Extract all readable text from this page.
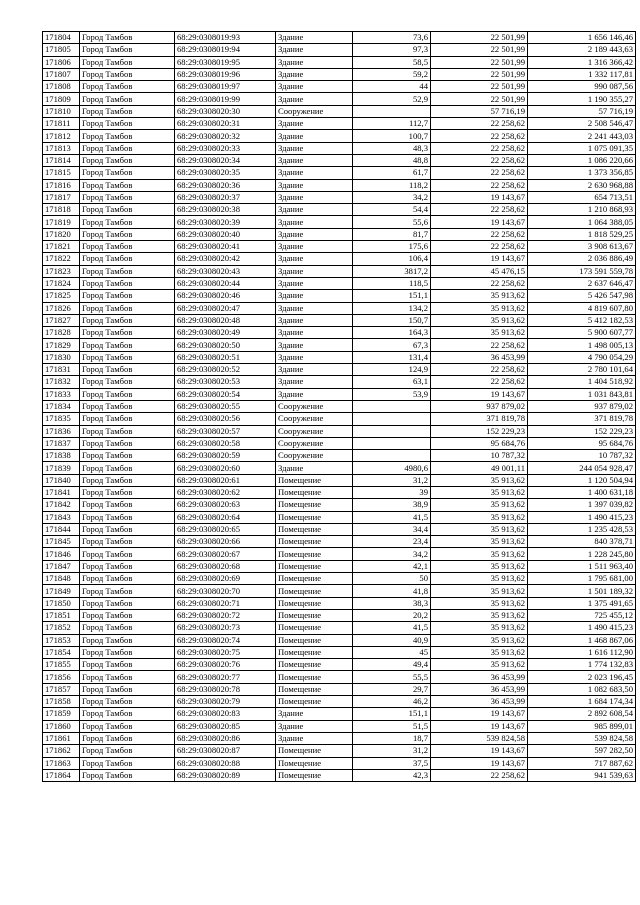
171804	Город Тамбов	68:29:0308019:93	Здание	73,6	22 501,99	1 656 146,46
171805	Город Тамбов	68:29:0308019:94	Здание	97,3	22 501,99	2 189 443,63
171806	Город Тамбов	68:29:0308019:95	Здание	58,5	22 501,99	1 316 366,42
171807	Город Тамбов	68:29:0308019:96	Здание	59,2	22 501,99	1 332 117,81
171808	Город Тамбов	68:29:0308019:97	Здание	44	22 501,99	990 087,56
171809	Город Тамбов	68:29:0308019:99	Здание	52,9	22 501,99	1 190 355,27
171810	Город Тамбов	68:29:0308020:30	Сооружение		57 716,19	57 716,19
171811	Город Тамбов	68:29:0308020:31	Здание	112,7	22 258,62	2 508 546,47
171812	Город Тамбов	68:29:0308020:32	Здание	100,7	22 258,62	2 241 443,03
171813	Город Тамбов	68:29:0308020:33	Здание	48,3	22 258,62	1 075 091,35
171814	Город Тамбов	68:29:0308020:34	Здание	48,8	22 258,62	1 086 220,66
171815	Город Тамбов	68:29:0308020:35	Здание	61,7	22 258,62	1 373 356,85
171816	Город Тамбов	68:29:0308020:36	Здание	118,2	22 258,62	2 630 968,88
171817	Город Тамбов	68:29:0308020:37	Здание	34,2	19 143,67	654 713,51
171818	Город Тамбов	68:29:0308020:38	Здание	54,4	22 258,62	1 210 868,93
171819	Город Тамбов	68:29:0308020:39	Здание	55,6	19 143,67	1 064 388,05
171820	Город Тамбов	68:29:0308020:40	Здание	81,7	22 258,62	1 818 529,25
171821	Город Тамбов	68:29:0308020:41	Здание	175,6	22 258,62	3 908 613,67
171822	Город Тамбов	68:29:0308020:42	Здание	106,4	19 143,67	2 036 886,49
171823	Город Тамбов	68:29:0308020:43	Здание	3817,2	45 476,15	173 591 559,78
171824	Город Тамбов	68:29:0308020:44	Здание	118,5	22 258,62	2 637 646,47
171825	Город Тамбов	68:29:0308020:46	Здание	151,1	35 913,62	5 426 547,98
171826	Город Тамбов	68:29:0308020:47	Здание	134,2	35 913,62	4 819 607,80
171827	Город Тамбов	68:29:0308020:48	Здание	150,7	35 913,62	5 412 182,53
171828	Город Тамбов	68:29:0308020:49	Здание	164,3	35 913,62	5 900 607,77
171829	Город Тамбов	68:29:0308020:50	Здание	67,3	22 258,62	1 498 005,13
171830	Город Тамбов	68:29:0308020:51	Здание	131,4	36 453,99	4 790 054,29
171831	Город Тамбов	68:29:0308020:52	Здание	124,9	22 258,62	2 780 101,64
171832	Город Тамбов	68:29:0308020:53	Здание	63,1	22 258,62	1 404 518,92
171833	Город Тамбов	68:29:0308020:54	Здание	53,9	19 143,67	1 031 843,81
171834	Город Тамбов	68:29:0308020:55	Сооружение		937 879,02	937 879,02
171835	Город Тамбов	68:29:0308020:56	Сооружение		371 819,78	371 819,78
171836	Город Тамбов	68:29:0308020:57	Сооружение		152 229,23	152 229,23
171837	Город Тамбов	68:29:0308020:58	Сооружение		95 684,76	95 684,76
171838	Город Тамбов	68:29:0308020:59	Сооружение		10 787,32	10 787,32
171839	Город Тамбов	68:29:0308020:60	Здание	4980,6	49 001,11	244 054 928,47
171840	Город Тамбов	68:29:0308020:61	Помещение	31,2	35 913,62	1 120 504,94
171841	Город Тамбов	68:29:0308020:62	Помещение	39	35 913,62	1 400 631,18
171842	Город Тамбов	68:29:0308020:63	Помещение	38,9	35 913,62	1 397 039,82
171843	Город Тамбов	68:29:0308020:64	Помещение	41,5	35 913,62	1 490 415,23
171844	Город Тамбов	68:29:0308020:65	Помещение	34,4	35 913,62	1 235 428,53
171845	Город Тамбов	68:29:0308020:66	Помещение	23,4	35 913,62	840 378,71
171846	Город Тамбов	68:29:0308020:67	Помещение	34,2	35 913,62	1 228 245,80
171847	Город Тамбов	68:29:0308020:68	Помещение	42,1	35 913,62	1 511 963,40
171848	Город Тамбов	68:29:0308020:69	Помещение	50	35 913,62	1 795 681,00
171849	Город Тамбов	68:29:0308020:70	Помещение	41,8	35 913,62	1 501 189,32
171850	Город Тамбов	68:29:0308020:71	Помещение	38,3	35 913,62	1 375 491,65
171851	Город Тамбов	68:29:0308020:72	Помещение	20,2	35 913,62	725 455,12
171852	Город Тамбов	68:29:0308020:73	Помещение	41,5	35 913,62	1 490 415,23
171853	Город Тамбов	68:29:0308020:74	Помещение	40,9	35 913,62	1 468 867,06
171854	Город Тамбов	68:29:0308020:75	Помещение	45	35 913,62	1 616 112,90
171855	Город Тамбов	68:29:0308020:76	Помещение	49,4	35 913,62	1 774 132,83
171856	Город Тамбов	68:29:0308020:77	Помещение	55,5	36 453,99	2 023 196,45
171857	Город Тамбов	68:29:0308020:78	Помещение	29,7	36 453,99	1 082 683,50
171858	Город Тамбов	68:29:0308020:79	Помещение	46,2	36 453,99	1 684 174,34
171859	Город Тамбов	68:29:0308020:83	Здание	151,1	19 143,67	2 892 608,54
171860	Город Тамбов	68:29:0308020:85	Здание	51,5	19 143,67	985 899,01
171861	Город Тамбов	68:29:0308020:86	Здание	18,7	539 824,58	539 824,58
171862	Город Тамбов	68:29:0308020:87	Помещение	31,2	19 143,67	597 282,50
171863	Город Тамбов	68:29:0308020:88	Помещение	37,5	19 143,67	717 887,62
171864	Город Тамбов	68:29:0308020:89	Помещение	42,3	22 258,62	941 539,63
